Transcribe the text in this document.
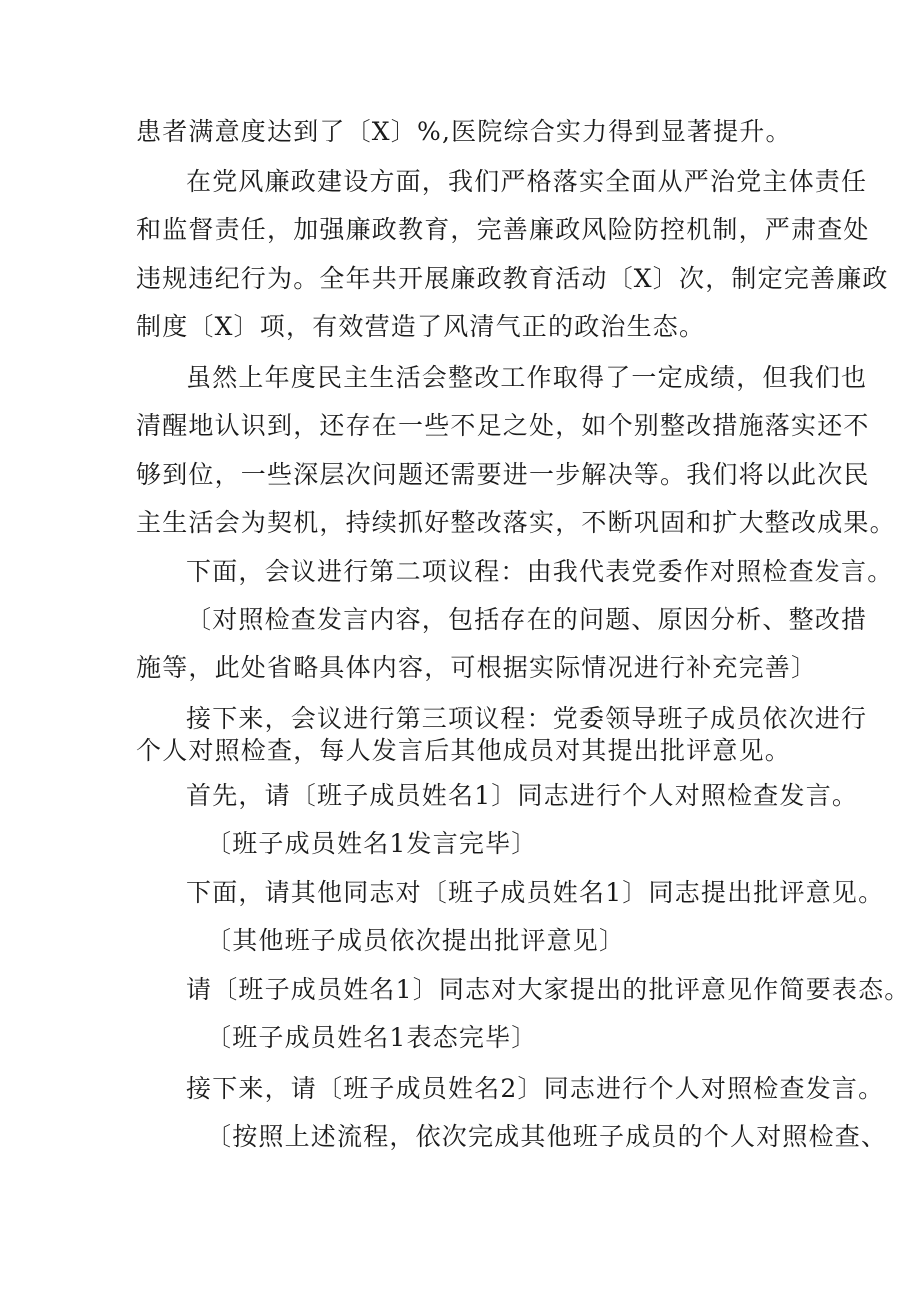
患者满意度达到了〔X〕%,医院综合实力得到显著提升。

在党风廉政建设方面，我们严格落实全面从严治党主体责任

和监督责任，加强廉政教育，完善廉政风险防控机制，严肃查处

违规违纪行为。全年共开展廉政教育活动〔X〕次，制定完善廉政

制度〔X〕项，有效营造了风清气正的政治生态。

虽然上年度民主生活会整改工作取得了一定成绩，但我们也

清醒地认识到，还存在一些不足之处，如个别整改措施落实还不

够到位，一些深层次问题还需要进一步解决等。我们将以此次民

主生活会为契机，持续抓好整改落实，不断巩固和扩大整改成果。

下面，会议进行第二项议程：由我代表党委作对照检查发言。

〔对照检查发言内容，包括存在的问题、原因分析、整改措

施等，此处省略具体内容，可根据实际情况进行补充完善〕

接下来，会议进行第三项议程：党委领导班子成员依次进行

个人对照检查，每人发言后其他成员对其提出批评意见。

首先，请〔班子成员姓名1〕同志进行个人对照检查发言。

〔班子成员姓名1发言完毕〕

下面，请其他同志对〔班子成员姓名1〕同志提出批评意见。

〔其他班子成员依次提出批评意见〕

请〔班子成员姓名1〕同志对大家提出的批评意见作简要表态。

〔班子成员姓名1表态完毕〕

接下来，请〔班子成员姓名2〕同志进行个人对照检查发言。

〔按照上述流程，依次完成其他班子成员的个人对照检查、
